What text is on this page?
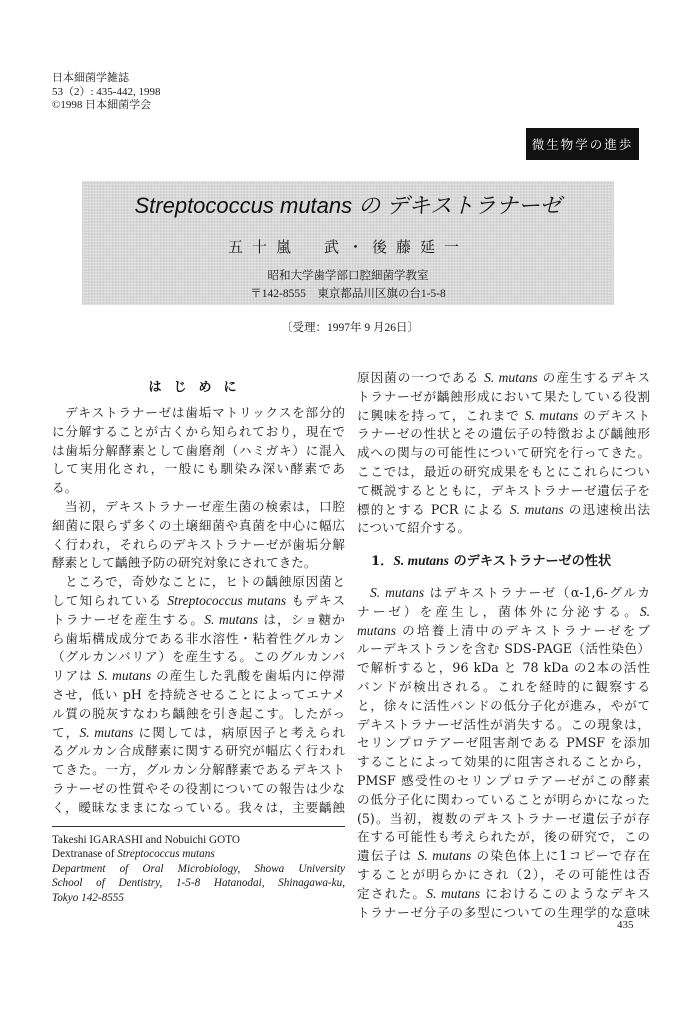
日本細菌学雑誌
53（2）: 435-442, 1998
©1998 日本細菌学会
微生物学の進歩
Streptococcus mutans の デキストラナーゼ
五十嵐　武・後藤延一
昭和大学歯学部口腔細菌学教室
〒142-8555　東京都品川区旗の台1-5-8
〔受理：1997年 9 月26日〕
はじめに
デキストラナーゼは歯垢マトリックスを部分的
に分解することが古くから知られており，現在で
は歯垢分解酵素として歯磨剤（ハミガキ）に混入
して実用化され，一般にも馴染み深い酵素であ
る。
当初，デキストラナーゼ産生菌の検索は，口腔
細菌に限らず多くの土壌細菌や真菌を中心に幅広
く行われ，それらのデキストラナーゼが歯垢分解
酵素として齲蝕予防の研究対象にされてきた。
ところで，奇妙なことに，ヒトの齲蝕原因菌と
して知られている Streptococcus mutans もデキス
トラナーゼを産生する。S. mutans は，ショ糖か
ら歯垢構成成分である非水溶性・粘着性グルカン
（グルカンバリア）を産生する。このグルカンバ
リアは S. mutans の産生した乳酸を歯垢内に停滞
させ，低い pH を持続させることによってエナメ
ル質の脱灰すなわち齲蝕を引き起こす。したがっ
て，S. mutans に関しては，病原因子と考えられ
るグルカン合成酵素に関する研究が幅広く行われ
てきた。一方，グルカン分解酵素であるデキスト
ラナーゼの性質やその役割についての報告は少な
く，曖昧なままになっている。我々は，主要齲蝕
原因菌の一つである S. mutans の産生するデキス
トラナーゼが齲蝕形成において果たしている役割
に興味を持って，これまで S. mutans のデキスト
ラナーゼの性状とその遺伝子の特徴および齲蝕形
成への関与の可能性について研究を行ってきた。
ここでは，最近の研究成果をもとにこれらについ
て概説するとともに，デキストラナーゼ遺伝子を
標的とする PCR による S. mutans の迅速検出法
について紹介する。
1．S. mutans のデキストラナーゼの性状
S. mutans はデキストラナーゼ（α-1,6-グルカ
ナーゼ）を産生し，菌体外に分泌する。S.
mutans の培養上清中のデキストラナーゼをブ
ルーデキストランを含む SDS-PAGE（活性染色）
で解析すると，96 kDa と 78 kDa の2本の活性
バンドが検出される。これを経時的に観察する
と，徐々に活性バンドの低分子化が進み，やがて
デキストラナーゼ活性が消失する。この現象は，
セリンプロテアーゼ阻害剤である PMSF を添加
することによって効果的に阻害されることから，
PMSF 感受性のセリンプロテアーゼがこの酵素
の低分子化に関わっていることが明らかになった
(5)。当初，複数のデキストラナーゼ遺伝子が存
在する可能性も考えられたが，後の研究で，この
遺伝子は S. mutans の染色体上に1コピーで存在
することが明らかにされ（2），その可能性は否
定された。S. mutans におけるこのようなデキス
トラナーゼ分子の多型についての生理学的な意味
Takeshi IGARASHI and Nobuichi GOTO
Dextranase of Streptococcus mutans
Department of Oral Microbiology, Showa University
School of Dentistry, 1-5-8 Hatanodai, Shinagawa-ku,
Tokyo 142-8555
435
